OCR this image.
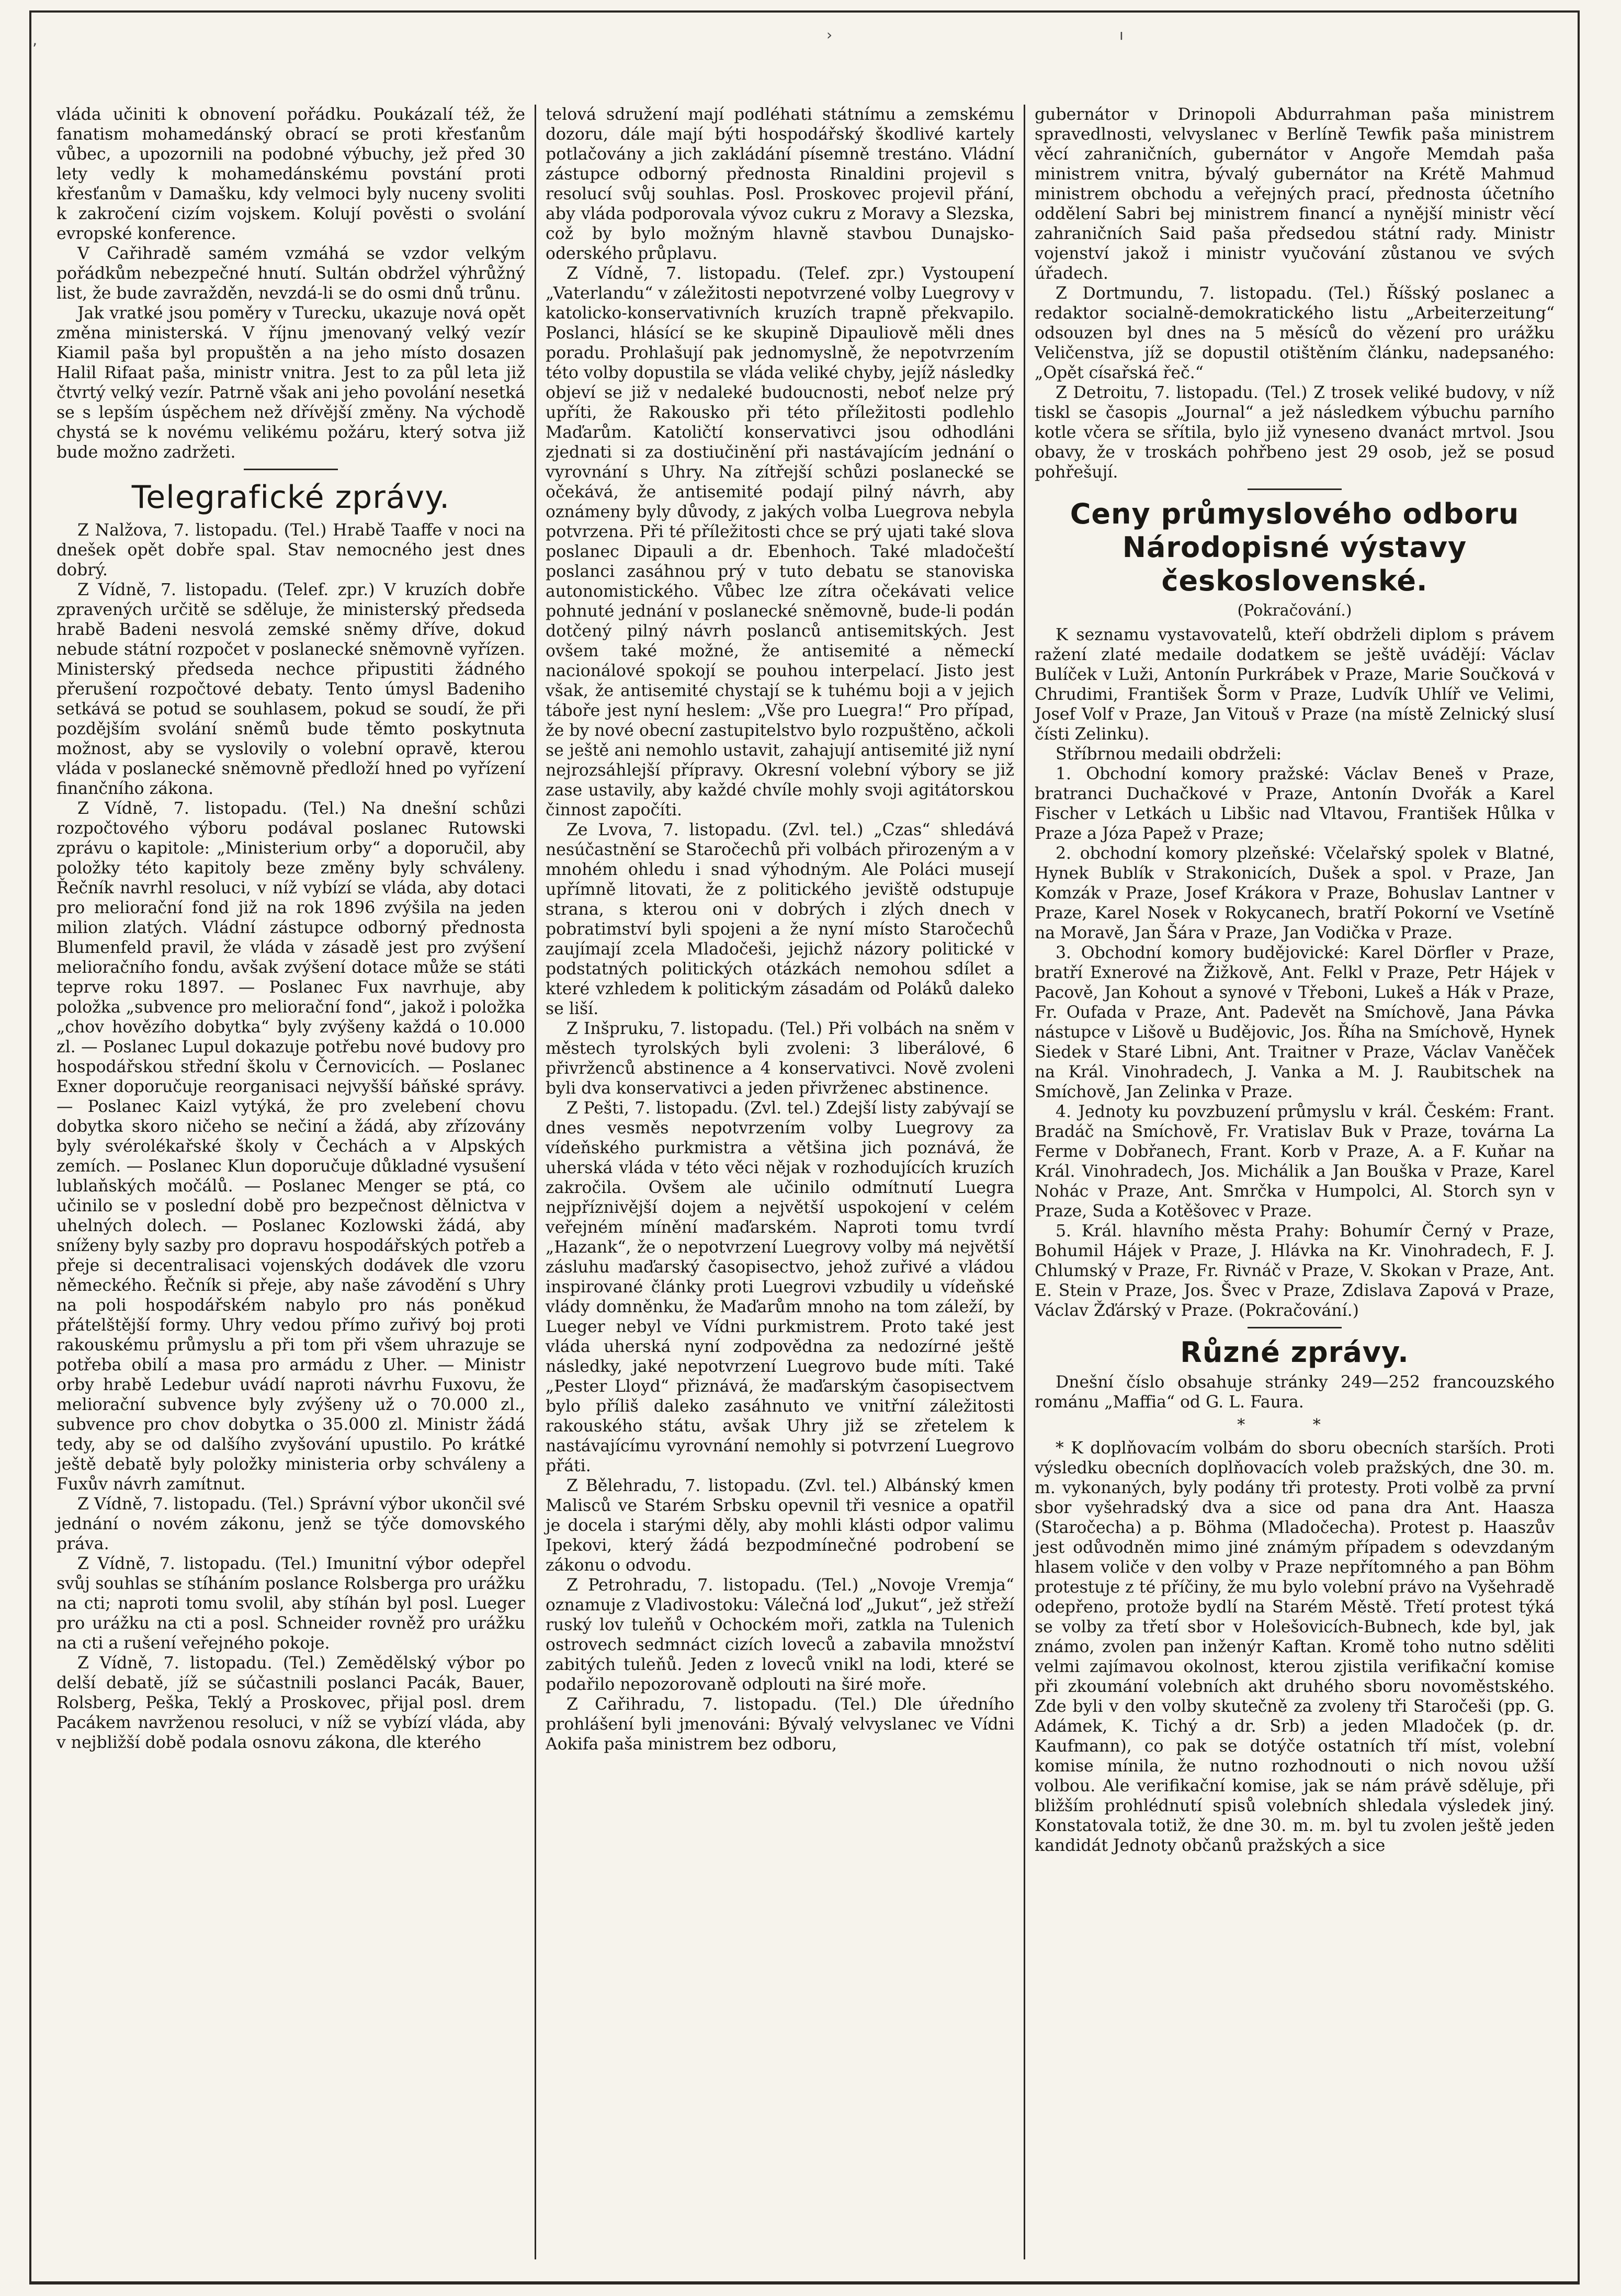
‚	›	ı

vláda učiniti k obnovení pořádku. Poukázalí též, že fanatism mohamedánský obrací se proti křesťanům vůbec, a upozornili na podobné výbuchy, jež před 30 lety vedly k mohamedánskému povstání proti křesťanům v Damašku, kdy velmoci byly nuceny svoliti k zakročení cizím vojskem. Kolují pověsti o svolání evropské konference.

V Cařihradě samém vzmáhá se vzdor velkým pořádkům nebezpečné hnutí. Sultán obdržel výhrůžný list, že bude zavražděn, nevzdá-li se do osmi dnů trůnu.

Jak vratké jsou poměry v Turecku, ukazuje nová opět změna ministerská. V říjnu jmenovaný velký vezír Kiamil paša byl propuštěn a na jeho místo dosazen Halil Rifaat paša, ministr vnitra. Jest to za půl leta již čtvrtý velký vezír. Patrně však ani jeho povolání nesetká se s lepším úspěchem než dřívější změny. Na východě chystá se k novému velikému požáru, který sotva již bude možno zadržeti.

Telegrafické zprávy.

Z Nalžova, 7. listopadu. (Tel.) Hrabě Taaffe v noci na dnešek opět dobře spal. Stav nemocného jest dnes dobrý.

Z Vídně, 7. listopadu. (Telef. zpr.) V kruzích dobře zpravených určitě se sděluje, že ministerský předseda hrabě Badeni nesvolá zemské sněmy dříve, dokud nebude státní rozpočet v poslanecké sněmovně vyřízen. Ministerský předseda nechce připustiti žádného přerušení rozpočtové debaty. Tento úmysl Badeniho setkává se potud se souhlasem, pokud se soudí, že při pozdějším svolání sněmů bude těmto poskytnuta možnost, aby se vyslovily o volební opravě, kterou vláda v poslanecké sněmovně předloží hned po vyřízení finančního zákona.

Z Vídně, 7. listopadu. (Tel.) Na dnešní schůzi rozpočtového výboru podával poslanec Rutowski zprávu o kapitole: „Ministerium orby“ a doporučil, aby položky této kapitoly beze změny byly schváleny. Řečník navrhl resoluci, v níž vybízí se vláda, aby dotaci pro meliorační fond již na rok 1896 zvýšila na jeden milion zlatých. Vládní zástupce odborný přednosta Blumenfeld pravil, že vláda v zásadě jest pro zvýšení melioračního fondu, avšak zvýšení dotace může se státi teprve roku 1897. — Poslanec Fux navrhuje, aby položka „subvence pro meliorační fond“, jakož i položka „chov hovězího dobytka“ byly zvýšeny každá o 10.000 zl. — Poslanec Lupul dokazuje potřebu nové budovy pro hospodářskou střední školu v Černovicích. — Poslanec Exner doporučuje reorganisaci nejvyšší báňské správy. — Poslanec Kaizl vytýká, že pro zvelebení chovu dobytka skoro ničeho se nečiní a žádá, aby zřízovány byly svérolékařské školy v Čechách a v Alpských zemích. — Poslanec Klun doporučuje důkladné vysušení lublaňských močálů. — Poslanec Menger se ptá, co učinilo se v poslední době pro bezpečnost dělnictva v uhelných dolech. — Poslanec Kozlowski žádá, aby sníženy byly sazby pro dopravu hospodářských potřeb a přeje si decentralisaci vojenských dodávek dle vzoru německého. Řečník si přeje, aby naše závodění s Uhry na poli hospodářském nabylo pro nás poněkud přátelštější formy. Uhry vedou přímo zuřivý boj proti rakouskému průmyslu a při tom při všem uhrazuje se potřeba obilí a masa pro armádu z Uher. — Ministr orby hrabě Ledebur uvádí naproti návrhu Fuxovu, že meliorační subvence byly zvýšeny už o 70.000 zl., subvence pro chov dobytka o 35.000 zl. Ministr žádá tedy, aby se od dalšího zvyšování upustilo. Po krátké ještě debatě byly položky ministeria orby schváleny a Fuxův návrh zamítnut.

Z Vídně, 7. listopadu. (Tel.) Správní výbor ukončil své jednání o novém zákonu, jenž se týče domovského práva.

Z Vídně, 7. listopadu. (Tel.) Imunitní výbor odepřel svůj souhlas se stíháním poslance Rolsberga pro urážku na cti; naproti tomu svolil, aby stíhán byl posl. Lueger pro urážku na cti a posl. Schneider rovněž pro urážku na cti a rušení veřejného pokoje.

Z Vídně, 7. listopadu. (Tel.) Zemědělský výbor po delší debatě, jíž se súčastnili poslanci Pacák, Bauer, Rolsberg, Peška, Teklý a Proskovec, přijal posl. drem Pacákem navrženou resoluci, v níž se vybízí vláda, aby v nejbližší době podala osnovu zákona, dle kterého

telová sdružení mají podléhati státnímu a zemskému dozoru, dále mají býti hospodářský škodlivé kartely potlačovány a jich zakládání písemně trestáno. Vládní zástupce odborný přednosta Rinaldini projevil s resolucí svůj souhlas. Posl. Proskovec projevil přání, aby vláda podporovala vývoz cukru z Moravy a Slezska, což by bylo možným hlavně stavbou Dunajsko-oderského průplavu.

Z Vídně, 7. listopadu. (Telef. zpr.) Vystoupení „Vaterlandu“ v záležitosti nepotvrzené volby Luegrovy v katolicko-konservativních kruzích trapně překvapilo. Poslanci, hlásící se ke skupině Dipauliově měli dnes poradu. Prohlašují pak jednomyslně, že nepotvrzením této volby dopustila se vláda veliké chyby, jejíž následky objeví se již v nedaleké budoucnosti, neboť nelze prý upříti, že Rakousko při této příležitosti podlehlo Maďarům. Katoličtí konservativci jsou odhodláni zjednati si za dostiučinění při nastávajícím jednání o vyrovnání s Uhry. Na zítřejší schůzi poslanecké se očekává, že antisemité podají pilný návrh, aby oznámeny byly důvody, z jakých volba Luegrova nebyla potvrzena. Při té příležitosti chce se prý ujati také slova poslanec Dipauli a dr. Ebenhoch. Také mladočeští poslanci zasáhnou prý v tuto debatu se stanoviska autonomistického. Vůbec lze zítra očekávati velice pohnuté jednání v poslanecké sněmovně, bude-li podán dotčený pilný návrh poslanců antisemitských. Jest ovšem také možné, že antisemité a německí nacionálové spokojí se pouhou interpelací. Jisto jest však, že antisemité chystají se k tuhému boji a v jejich táboře jest nyní heslem: „Vše pro Luegra!“ Pro případ, že by nové obecní zastupitelstvo bylo rozpuštěno, ačkoli se ještě ani nemohlo ustavit, zahajují antisemité již nyní nejrozsáhlejší přípravy. Okresní volební výbory se již zase ustavily, aby každé chvíle mohly svoji agitátorskou činnost započíti.

Ze Lvova, 7. listopadu. (Zvl. tel.) „Czas“ shledává nesúčastnění se Staročechů při volbách přirozeným a v mnohém ohledu i snad výhodným. Ale Poláci musejí upřímně litovati, že z politického jeviště odstupuje strana, s kterou oni v dobrých i zlých dnech v pobratimství byli spojeni a že nyní místo Staročechů zaujímají zcela Mladočeši, jejichž názory politické v podstatných politických otázkách nemohou sdílet a které vzhledem k politickým zásadám od Poláků daleko se liší.

Z Inšpruku, 7. listopadu. (Tel.) Při volbách na sněm v městech tyrolských byli zvoleni: 3 liberálové, 6 přivrženců abstinence a 4 konservativci. Nově zvoleni byli dva konservativci a jeden přivrženec abstinence.

Z Pešti, 7. listopadu. (Zvl. tel.) Zdejší listy zabývají se dnes vesměs nepotvrzením volby Luegrovy za vídeňského purkmistra a většina jich poznává, že uherská vláda v této věci nějak v rozhodujících kruzích zakročila. Ovšem ale učinilo odmítnutí Luegra nejpříznivější dojem a největší uspokojení v celém veřejném mínění maďarském. Naproti tomu tvrdí „Hazank“, že o nepotvrzení Luegrovy volby má největší zásluhu maďarský časopisectvo, jehož zuřivé a vládou inspirované články proti Luegrovi vzbudily u vídeňské vlády domněnku, že Maďarům mnoho na tom záleží, by Lueger nebyl ve Vídni purkmistrem. Proto také jest vláda uherská nyní zodpovědna za nedozírné ještě následky, jaké nepotvrzení Luegrovo bude míti. Také „Pester Lloyd“ přiznává, že maďarským časopisectvem bylo příliš daleko zasáhnuto ve vnitřní záležitosti rakouského státu, avšak Uhry již se zřetelem k nastávajícímu vyrovnání nemohly si potvrzení Luegrovo přáti.

Z Bělehradu, 7. listopadu. (Zvl. tel.) Albánský kmen Malisců ve Starém Srbsku opevnil tři vesnice a opatřil je docela i starými děly, aby mohli klásti odpor valimu Ipekovi, který žádá bezpodmínečné podrobení se zákonu o odvodu.

Z Petrohradu, 7. listopadu. (Tel.) „Novoje Vremja“ oznamuje z Vladivostoku: Válečná loď „Jukut“, jež střeží ruský lov tuleňů v Ochockém moři, zatkla na Tulenich ostrovech sedmnáct cizích loveců a zabavila množství zabitých tuleňů. Jeden z loveců vnikl na lodi, které se podařilo nepozorovaně odplouti na širé moře.

Z Cařihradu, 7. listopadu. (Tel.) Dle úředního prohlášení byli jmenováni: Bývalý velvyslanec ve Vídni Aokifa paša ministrem bez odboru,

gubernátor v Drinopoli Abdurrahman paša ministrem spravedlnosti, velvyslanec v Berlíně Tewfik paša ministrem věcí zahraničních, gubernátor v Angoře Memdah paša ministrem vnitra, bývalý gubernátor na Krétě Mahmud ministrem obchodu a veřejných prací, přednosta účetního oddělení Sabri bej ministrem financí a nynější ministr věcí zahraničních Said paša předsedou státní rady. Ministr vojenství jakož i ministr vyučování zůstanou ve svých úřadech.

Z Dortmundu, 7. listopadu. (Tel.) Říšský poslanec a redaktor socialně-demokratického listu „Arbeiterzeitung“ odsouzen byl dnes na 5 měsíců do vězení pro urážku Veličenstva, jíž se dopustil otištěním článku, nadepsaného: „Opět císařská řeč.“

Z Detroitu, 7. listopadu. (Tel.) Z trosek veliké budovy, v níž tiskl se časopis „Journal“ a jež následkem výbuchu parního kotle včera se sřítila, bylo již vyneseno dvanáct mrtvol. Jsou obavy, že v troskách pohřbeno jest 29 osob, jež se posud pohřešují.

Ceny průmyslového odboru Národopisné výstavy československé.
(Pokračování.)

K seznamu vystavovatelů, kteří obdrželi diplom s právem ražení zlaté medaile dodatkem se ještě uvádějí: Václav Bulíček v Luži, Antonín Purkrábek v Praze, Marie Součková v Chrudimi, František Šorm v Praze, Ludvík Uhlíř ve Velimi, Josef Volf v Praze, Jan Vitouš v Praze (na místě Zelnický slusí čísti Zelinku).

Stříbrnou medaili obdrželi:

1. Obchodní komory pražské: Václav Beneš v Praze, bratranci Duchačkové v Praze, Antonín Dvořák a Karel Fischer v Letkách u Libšic nad Vltavou, František Hůlka v Praze a Józa Papež v Praze;

2. obchodní komory plzeňské: Včelařský spolek v Blatné, Hynek Bublík v Strakonicích, Dušek a spol. v Praze, Jan Komzák v Praze, Josef Krákora v Praze, Bohuslav Lantner v Praze, Karel Nosek v Rokycanech, bratří Pokorní ve Vsetíně na Moravě, Jan Šára v Praze, Jan Vodička v Praze.

3. Obchodní komory budějovické: Karel Dörfler v Praze, bratří Exnerové na Žižkově, Ant. Felkl v Praze, Petr Hájek v Pacově, Jan Kohout a synové v Třeboni, Lukeš a Hák v Praze, Fr. Oufada v Praze, Ant. Padevět na Smíchově, Jana Pávka nástupce v Lišově u Budějovic, Jos. Říha na Smíchově, Hynek Siedek v Staré Libni, Ant. Traitner v Praze, Václav Vaněček na Král. Vinohradech, J. Vanka a M. J. Raubitschek na Smíchově, Jan Zelinka v Praze.

4. Jednoty ku povzbuzení průmyslu v král. Českém: Frant. Bradáč na Smíchově, Fr. Vratislav Buk v Praze, továrna La Ferme v Dobřanech, Frant. Korb v Praze, A. a F. Kuňar na Král. Vinohradech, Jos. Michálik a Jan Bouška v Praze, Karel Nohác v Praze, Ant. Smrčka v Humpolci, Al. Storch syn v Praze, Suda a Kotěšovec v Praze.

5. Král. hlavního města Prahy: Bohumír Černý v Praze, Bohumil Hájek v Praze, J. Hlávka na Kr. Vinohradech, F. J. Chlumský v Praze, Fr. Rivnáč v Praze, V. Skokan v Praze, Ant. E. Stein v Praze, Jos. Švec v Praze, Zdislava Zapová v Praze, Václav Žďárský v Praze. (Pokračování.)

Různé zprávy.

Dnešní číslo obsahuje stránky 249—252 francouzského románu „Maffia“ od G. L. Faura.

* *

* K doplňovacím volbám do sboru obecních starších. Proti výsledku obecních doplňovacích voleb pražských, dne 30. m. m. vykonaných, byly podány tři protesty. Proti volbě za první sbor vyšehradský dva a sice od pana dra Ant. Haasza (Staročecha) a p. Böhma (Mladočecha). Protest p. Haaszův jest odůvodněn mimo jiné známým případem s odevzdaným hlasem voliče v den volby v Praze nepřítomného a pan Böhm protestuje z té příčiny, že mu bylo volební právo na Vyšehradě odepřeno, protože bydlí na Starém Městě. Třetí protest týká se volby za třetí sbor v Holešovicích-Bubnech, kde byl, jak známo, zvolen pan inženýr Kaftan. Kromě toho nutno sděliti velmi zajímavou okolnost, kterou zjistila verifikační komise při zkoumání volebních akt druhého sboru novoměstského. Zde byli v den volby skutečně za zvoleny tři Staročeši (pp. G. Adámek, K. Tichý a dr. Srb) a jeden Mladoček (p. dr. Kaufmann), co pak se dotýče ostatních tří míst, volební komise mínila, že nutno rozhodnouti o nich novou užší volbou. Ale verifikační komise, jak se nám právě sděluje, při bližším prohlédnutí spisů volebních shledala výsledek jiný. Konstatovala totiž, že dne 30. m. m. byl tu zvolen ještě jeden kandidát Jednoty občanů pražských a sice
